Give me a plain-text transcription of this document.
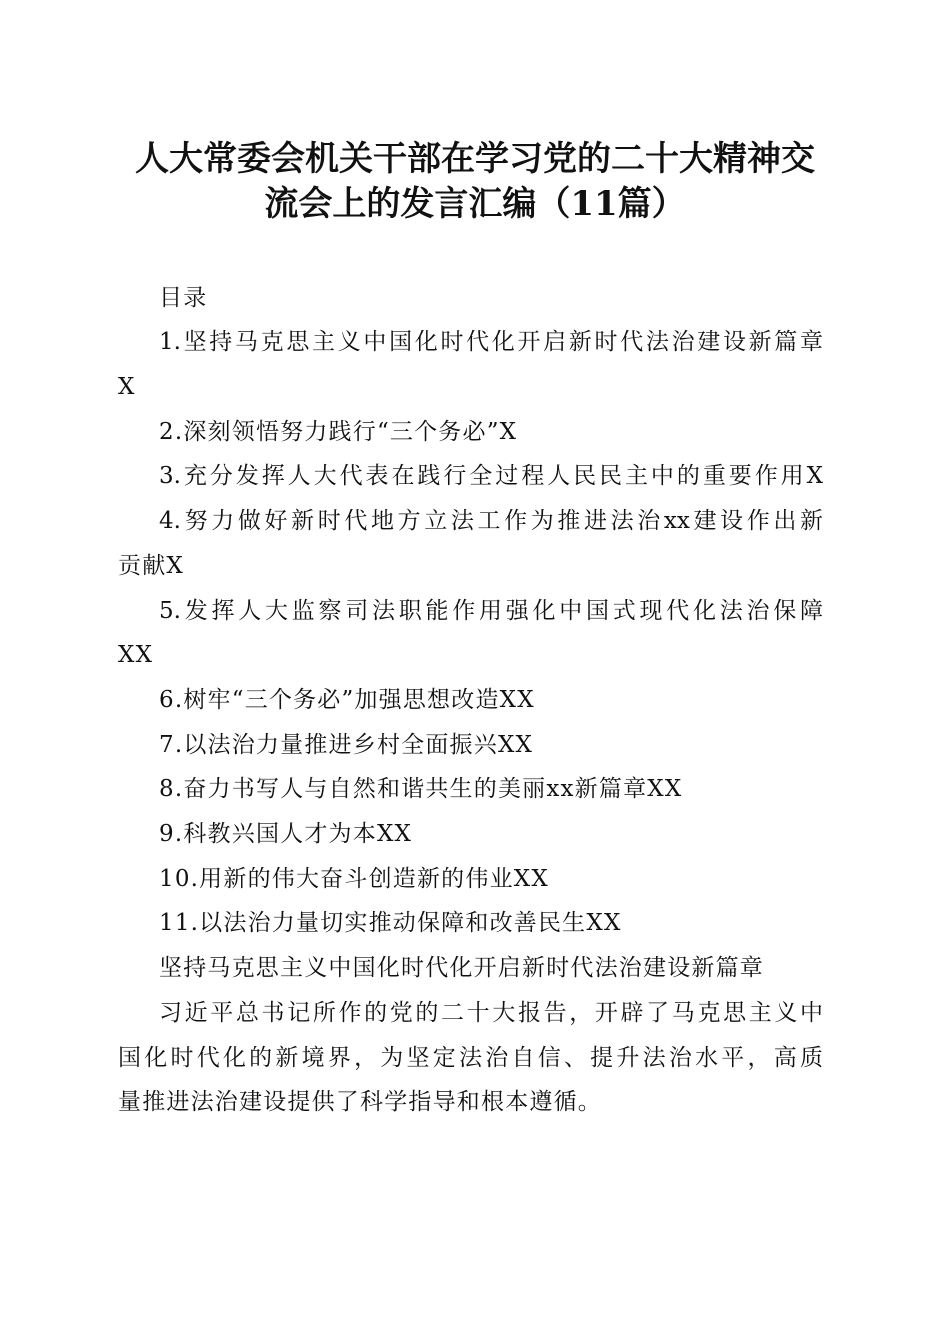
人大常委会机关干部在学习党的二十大精神交
流会上的发言汇编（11篇）
目录
1.坚持马克思主义中国化时代化开启新时代法治建设新篇章
X
2.深刻领悟努力践行“三个务必”X
3.充分发挥人大代表在践行全过程人民民主中的重要作用X
4.努力做好新时代地方立法工作为推进法治xx建设作出新
贡献X
5.发挥人大监察司法职能作用强化中国式现代化法治保障
XX
6.树牢“三个务必”加强思想改造XX
7.以法治力量推进乡村全面振兴XX
8.奋力书写人与自然和谐共生的美丽xx新篇章XX
9.科教兴国人才为本XX
10.用新的伟大奋斗创造新的伟业XX
11.以法治力量切实推动保障和改善民生XX
坚持马克思主义中国化时代化开启新时代法治建设新篇章
习近平总书记所作的党的二十大报告，开辟了马克思主义中
国化时代化的新境界，为坚定法治自信、提升法治水平，高质
量推进法治建设提供了科学指导和根本遵循。
